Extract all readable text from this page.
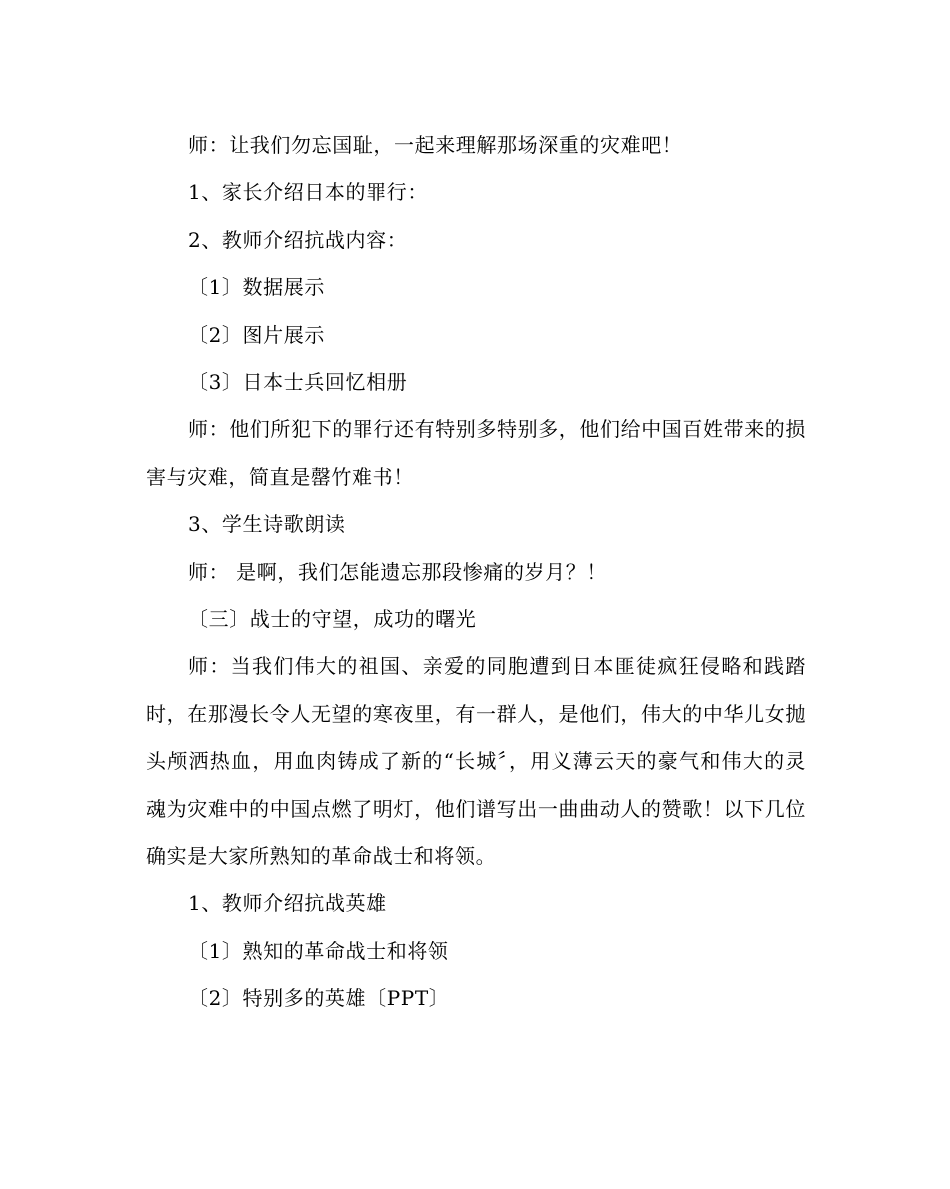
师：让我们勿忘国耻，一起来理解那场深重的灾难吧！
1、家长介绍日本的罪行：
2、教师介绍抗战内容：
〔1〕数据展示
〔2〕图片展示
〔3〕日本士兵回忆相册

师：他们所犯下的罪行还有特别多特别多，他们给中国百姓带来的损害与灾难，简直是罄竹难书！

3、学生诗歌朗读
师： 是啊，我们怎能遗忘那段惨痛的岁月？！
〔三〕战士的守望，成功的曙光

师：当我们伟大的祖国、亲爱的同胞遭到日本匪徒疯狂侵略和践踏时，在那漫长令人无望的寒夜里，有一群人，是他们，伟大的中华儿女抛头颅洒热血，用血肉铸成了新的“长城〞，用义薄云天的豪气和伟大的灵魂为灾难中的中国点燃了明灯，他们谱写出一曲曲动人的赞歌！以下几位确实是大家所熟知的革命战士和将领。

1、教师介绍抗战英雄
〔1〕熟知的革命战士和将领
〔2〕特别多的英雄〔PPT〕
